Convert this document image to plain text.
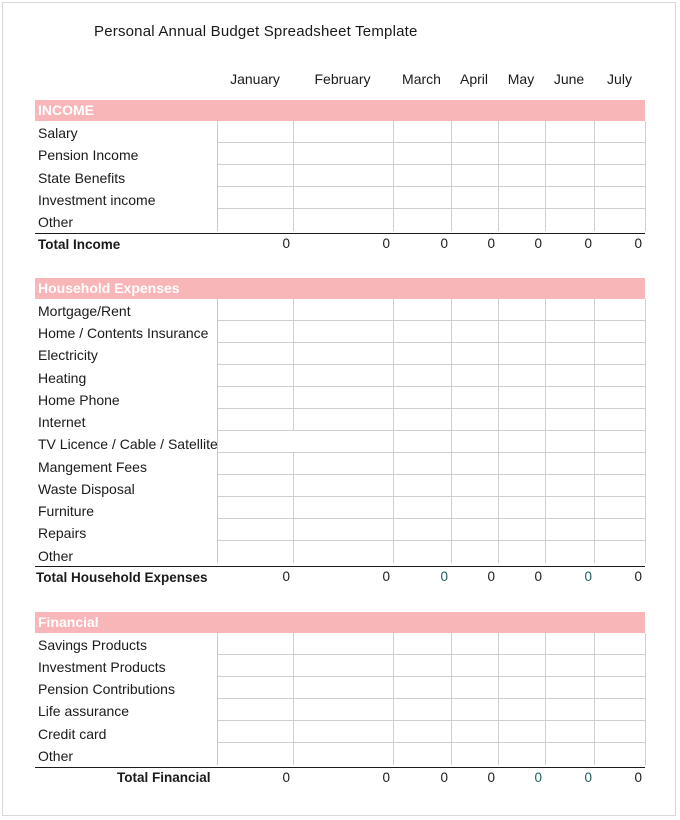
Personal Annual Budget Spreadsheet Template
January	February	March	April	May	June	July
INCOME
Salary
Pension Income
State Benefits
Investment income
Other
Total Income	0	0	0	0	0	0	0
Household Expenses
Mortgage/Rent
Home / Contents Insurance
Electricity
Heating
Home Phone
Internet
TV Licence / Cable / Satellite
Mangement Fees
Waste Disposal
Furniture
Repairs
Other
Total Household Expenses	0	0	0	0	0	0	0
Financial
Savings Products
Investment Products
Pension Contributions
Life assurance
Credit card
Other
Total Financial	0	0	0	0	0	0	0
